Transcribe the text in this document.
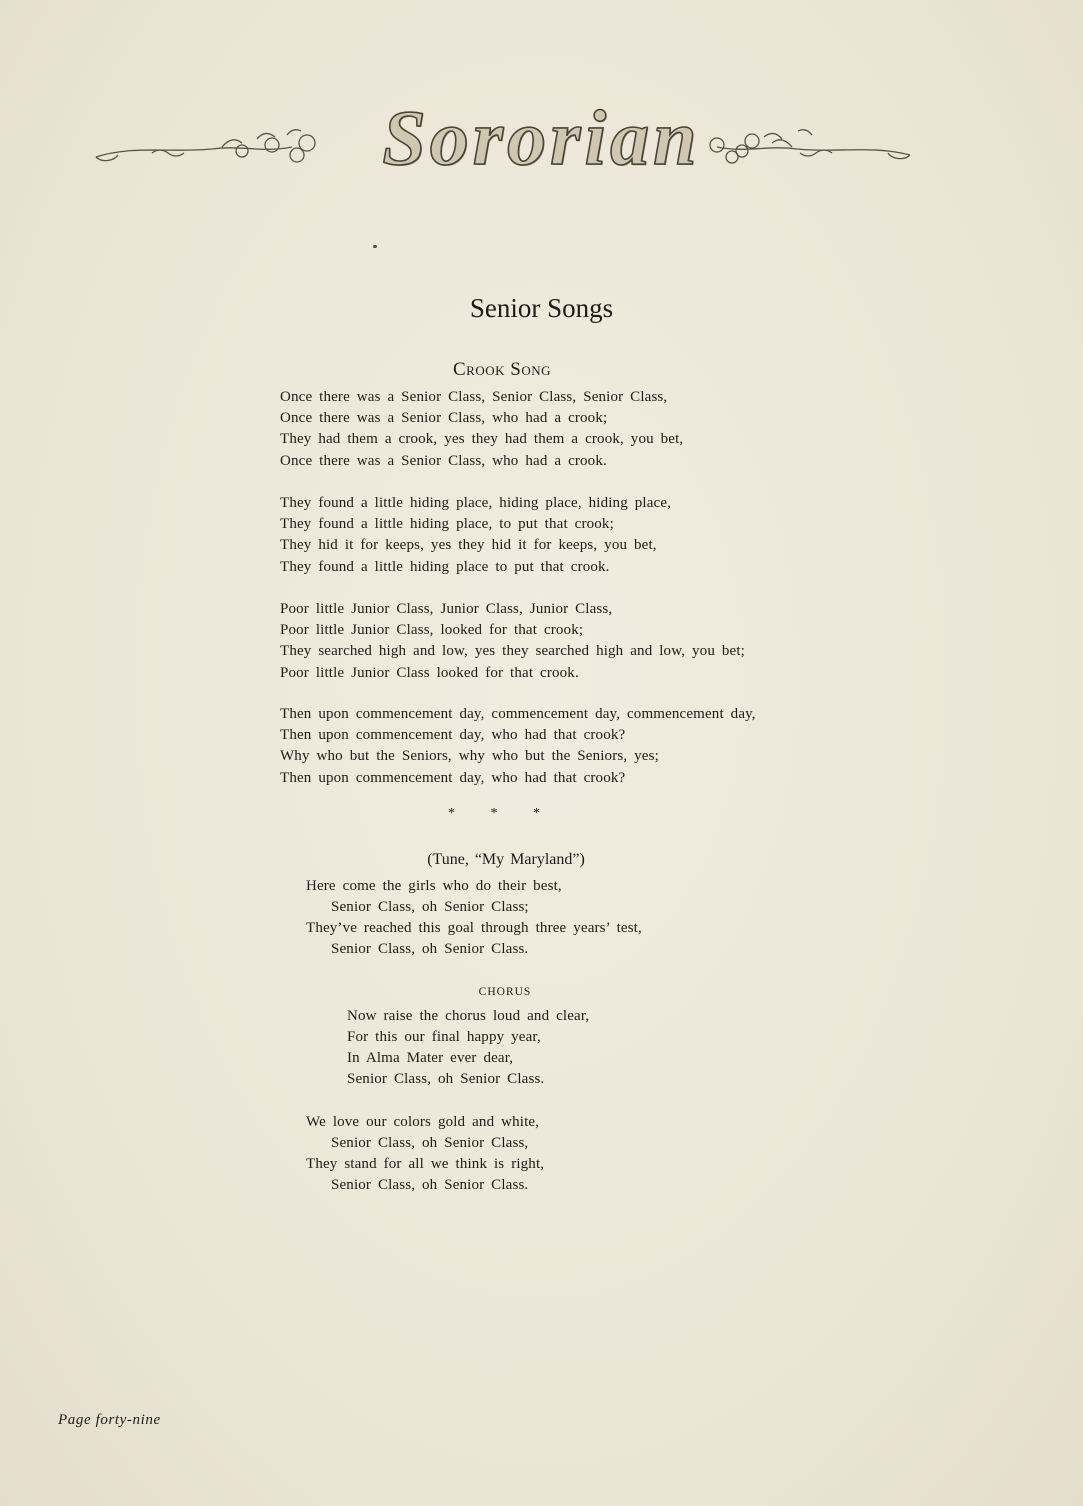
Sororian
Senior Songs
Crook Song
Once there was a Senior Class, Senior Class, Senior Class,
Once there was a Senior Class, who had a crook;
They had them a crook, yes they had them a crook, you bet,
Once there was a Senior Class, who had a crook.
They found a little hiding place, hiding place, hiding place,
They found a little hiding place, to put that crook;
They hid it for keeps, yes they hid it for keeps, you bet,
They found a little hiding place to put that crook.
Poor little Junior Class, Junior Class, Junior Class,
Poor little Junior Class, looked for that crook;
They searched high and low, yes they searched high and low, you bet;
Poor little Junior Class looked for that crook.
Then upon commencement day, commencement day, commencement day,
Then upon commencement day, who had that crook?
Why who but the Seniors, why who but the Seniors, yes;
Then upon commencement day, who had that crook?
* * *
(Tune, “My Maryland”)
Here come the girls who do their best,
Senior Class, oh Senior Class;
They’ve reached this goal through three years’ test,
Senior Class, oh Senior Class.
CHORUS
Now raise the chorus loud and clear,
For this our final happy year,
In Alma Mater ever dear,
Senior Class, oh Senior Class.
We love our colors gold and white,
Senior Class, oh Senior Class,
They stand for all we think is right,
Senior Class, oh Senior Class.
Page forty-nine
